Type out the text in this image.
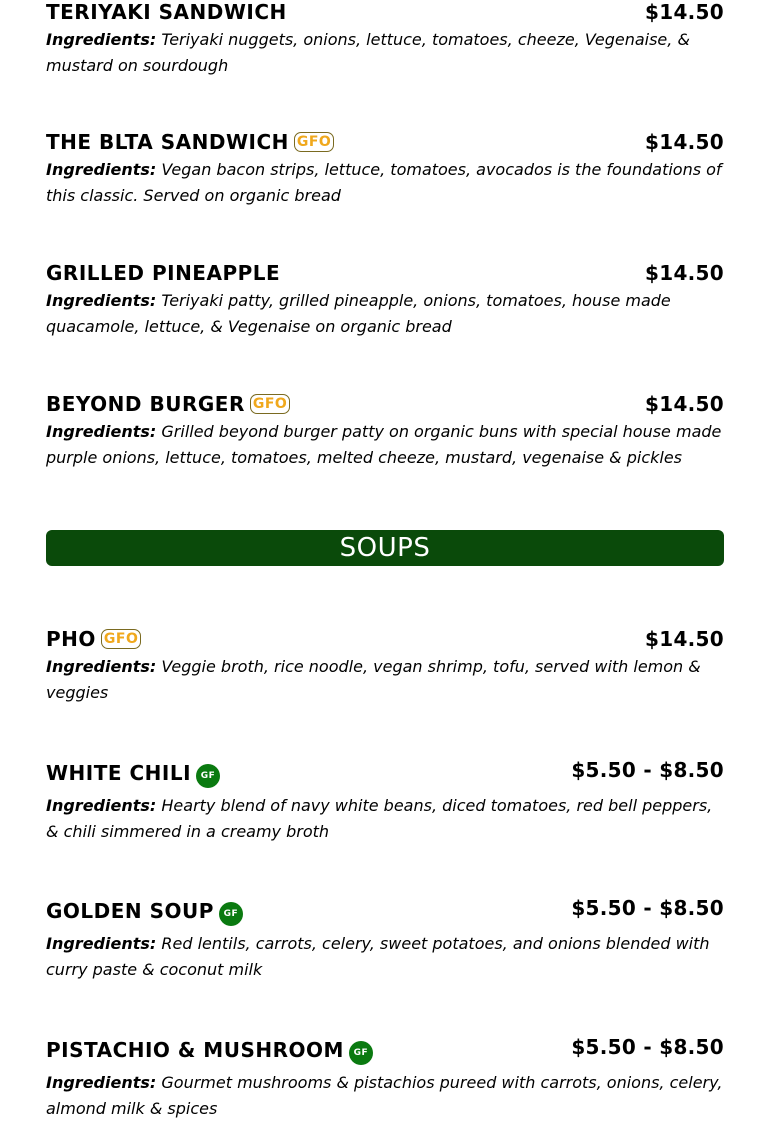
TERIYAKI SANDWICH	$14.50
Ingredients: Teriyaki nuggets, onions, lettuce, tomatoes, cheeze, Vegenaise, & mustard on sourdough
THE BLTA SANDWICH GFO	$14.50
Ingredients: Vegan bacon strips, lettuce, tomatoes, avocados is the foundations of this classic. Served on organic bread
GRILLED PINEAPPLE	$14.50
Ingredients: Teriyaki patty, grilled pineapple, onions, tomatoes, house made quacamole, lettuce, & Vegenaise on organic bread
BEYOND BURGER GFO	$14.50
Ingredients: Grilled beyond burger patty on organic buns with special house made purple onions, lettuce, tomatoes, melted cheeze, mustard, vegenaise & pickles
SOUPS
PHO GFO	$14.50
Ingredients: Veggie broth, rice noodle, vegan shrimp, tofu, served with lemon & veggies
WHITE CHILI GF	$5.50 - $8.50
Ingredients: Hearty blend of navy white beans, diced tomatoes, red bell peppers, & chili simmered in a creamy broth
GOLDEN SOUP GF	$5.50 - $8.50
Ingredients: Red lentils, carrots, celery, sweet potatoes, and onions blended with curry paste & coconut milk
PISTACHIO & MUSHROOM GF	$5.50 - $8.50
Ingredients: Gourmet mushrooms & pistachios pureed with carrots, onions, celery, almond milk & spices
